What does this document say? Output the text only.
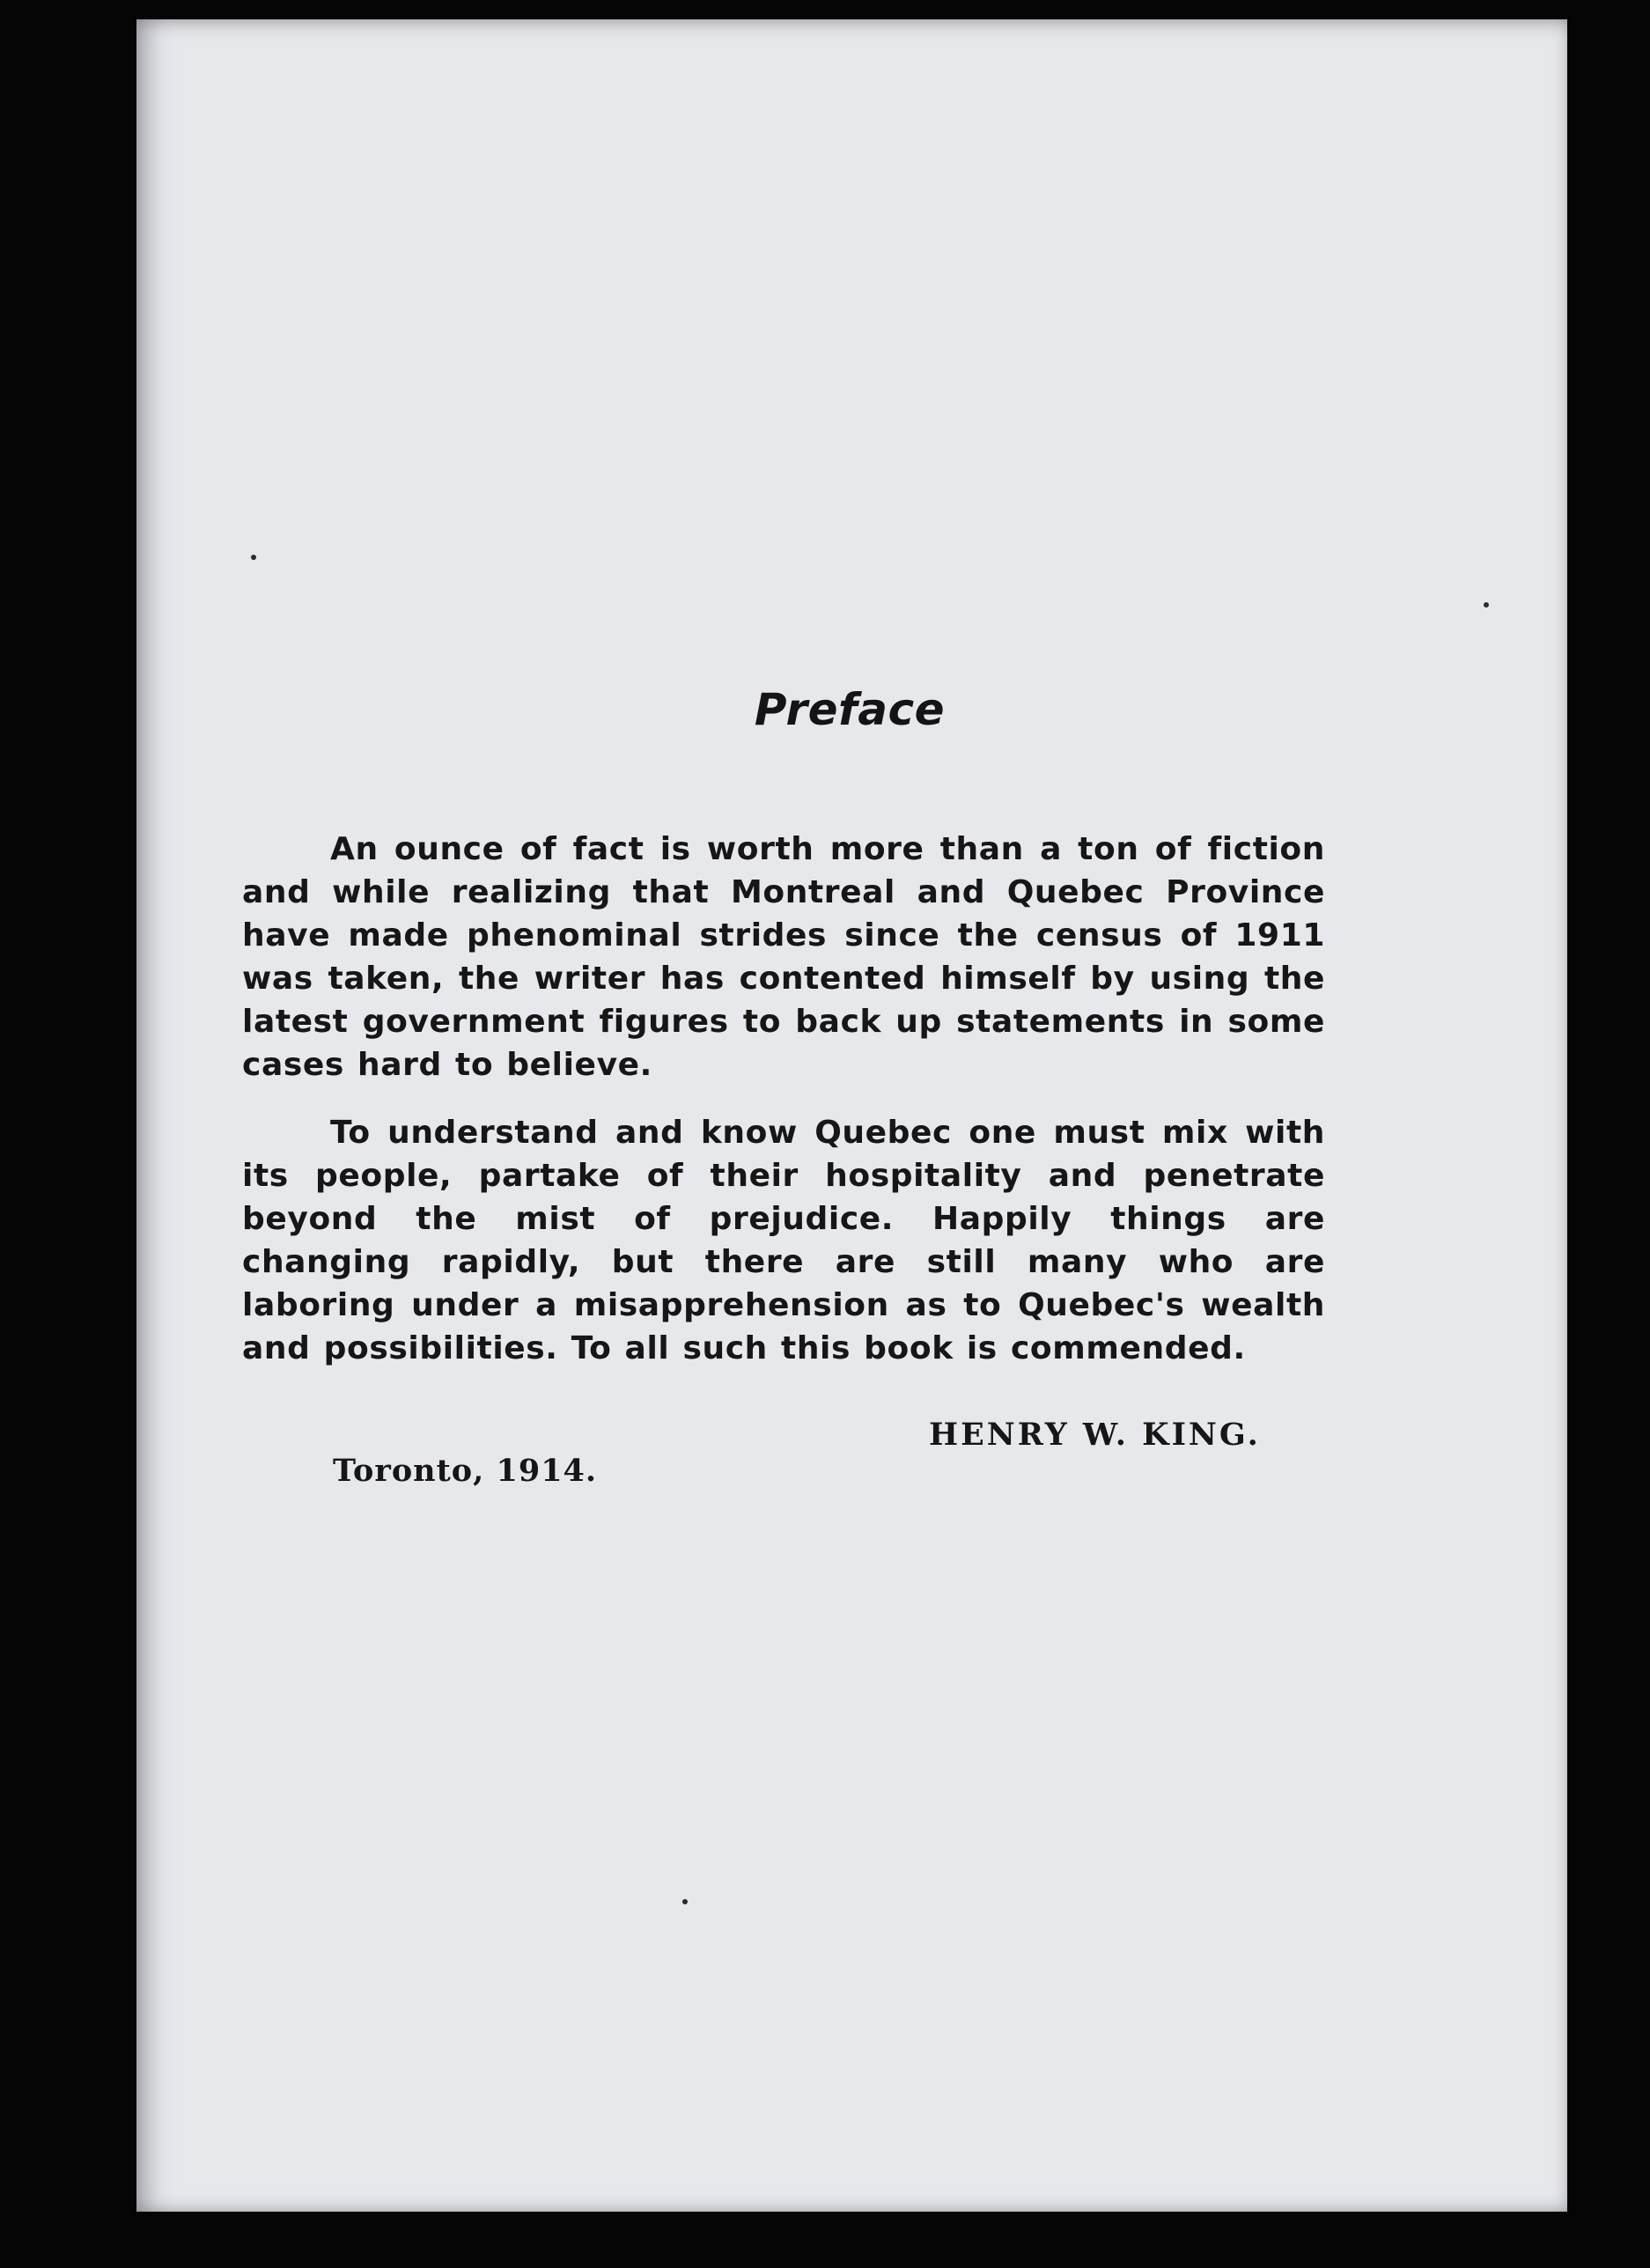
Preface

An ounce of fact is worth more than a ton of fiction and while realizing that Montreal and Quebec Province have made phenominal strides since the census of 1911 was taken, the writer has contented himself by using the latest government figures to back up statements in some cases hard to believe.

To understand and know Quebec one must mix with its people, partake of their hospitality and penetrate beyond the mist of prejudice. Happily things are changing rapidly, but there are still many who are laboring under a misapprehension as to Quebec's wealth and possibilities. To all such this book is commended.

HENRY W. KING.
Toronto, 1914.
